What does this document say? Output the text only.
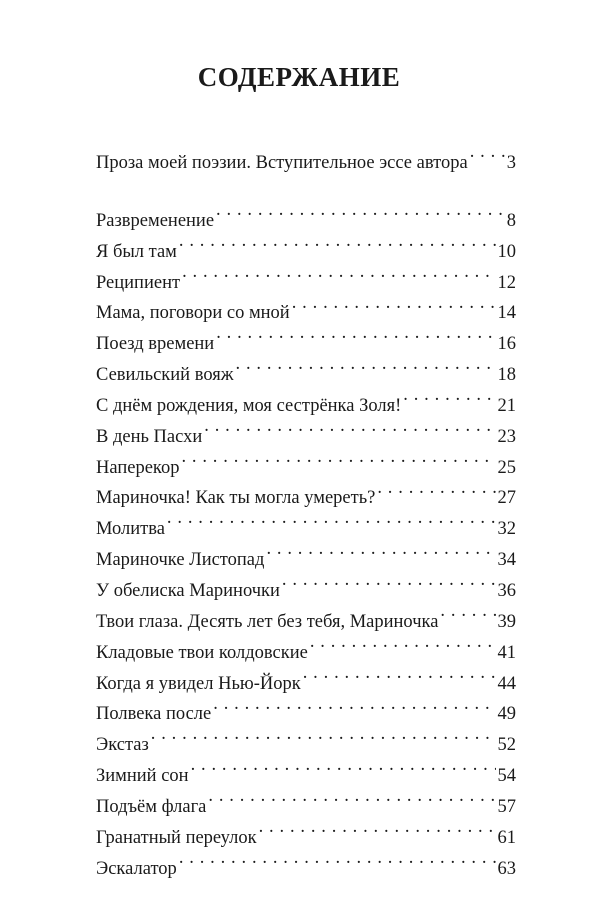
СОДЕРЖАНИЕ
Проза моей поэзии. Вступительное эссе автора . . . 3
Развременение . . .	8
Я был там . . .	10
Реципиент . . .	12
Мама, поговори со мной . . .	14
Поезд времени . . .	16
Севильский вояж . . .	18
С днём рождения, моя сестрёнка Золя! . . .	21
В день Пасхи . . .	23
Наперекор . . .	25
Мариночка! Как ты могла умереть? . . .	27
Молитва . . .	32
Мариночке Листопад . . .	34
У обелиска Мариночки . . .	36
Твои глаза. Десять лет без тебя, Мариночка . . .	39
Кладовые твои колдовские . . .	41
Когда я увидел Нью-Йорк . . .	44
Полвека после . . .	49
Экстаз . . .	52
Зимний сон . . .	54
Подъём флага . . .	57
Гранатный переулок . . .	61
Эскалатор . . .	63
